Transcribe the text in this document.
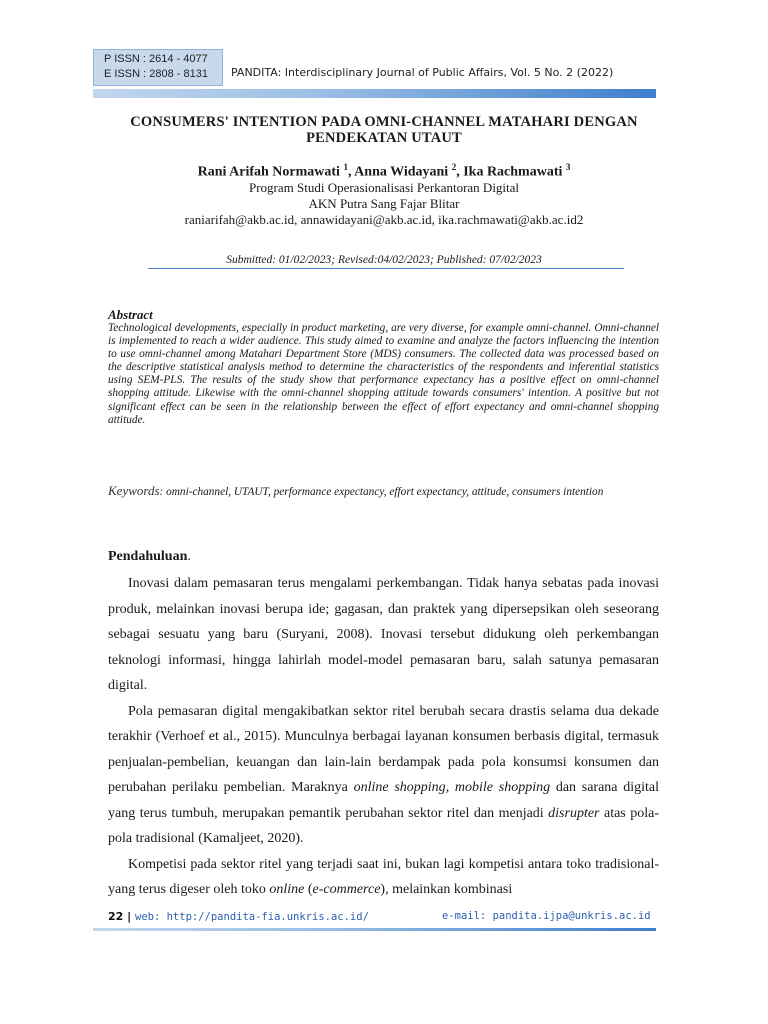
P ISSN : 2614 - 4077
E ISSN : 2808 - 8131	PANDITA: Interdisciplinary Journal of Public Affairs, Vol. 5 No. 2 (2022)
CONSUMERS' INTENTION PADA OMNI-CHANNEL MATAHARI DENGAN
PENDEKATAN UTAUT
Rani Arifah Normawati $^1$, Anna Widayani $^2$, Ika Rachmawati $^3$
Program Studi Operasionalisasi Perkantoran Digital
AKN Putra Sang Fajar Blitar
raniarifah@akb.ac.id, annawidayani@akb.ac.id, ika.rachmawati@akb.ac.id2
Submitted: 01/02/2023; Revised:04/02/2023; Published: 07/02/2023
Abstract
Technological developments, especially in product marketing, are very diverse, for example omni-channel. Omni-channel is implemented to reach a wider audience. This study aimed to examine and analyze the factors influencing the intention to use omni-channel among Matahari Department Store (MDS) consumers. The collected data was processed based on the descriptive statistical analysis method to determine the characteristics of the respondents and inferential statistics using SEM-PLS. The results of the study show that performance expectancy has a positive effect on omni-channel shopping attitude. Likewise with the omni-channel shopping attitude towards consumers' intention. A positive but not significant effect can be seen in the relationship between the effect of effort expectancy and omni-channel shopping attitude.
Keywords: omni-channel, UTAUT, performance expectancy, effort expectancy, attitude, consumers intention
Pendahuluan.

Inovasi dalam pemasaran terus mengalami perkembangan. Tidak hanya sebatas pada inovasi produk, melainkan inovasi berupa ide; gagasan, dan praktek yang dipersepsikan oleh seseorang sebagai sesuatu yang baru (Suryani, 2008). Inovasi tersebut didukung oleh perkembangan teknologi informasi, hingga lahirlah model-model pemasaran baru, salah satunya pemasaran digital.

Pola pemasaran digital mengakibatkan sektor ritel berubah secara drastis selama dua dekade terakhir (Verhoef et al., 2015). Munculnya berbagai layanan konsumen berbasis digital, termasuk penjualan-pembelian, keuangan dan lain-lain berdampak pada pola konsumsi konsumen dan perubahan perilaku pembelian. Maraknya online shopping, mobile shopping dan sarana digital yang terus tumbuh, merupakan pemantik perubahan sektor ritel dan menjadi disrupter atas pola-pola tradisional (Kamaljeet, 2020).

Kompetisi pada sektor ritel yang terjadi saat ini, bukan lagi kompetisi antara toko tradisional-yang terus digeser oleh toko online (e-commerce), melainkan kombinasi

22 | web: http://pandita-fia.unkris.ac.id/	e-mail: pandita.ijpa@unkris.ac.id
